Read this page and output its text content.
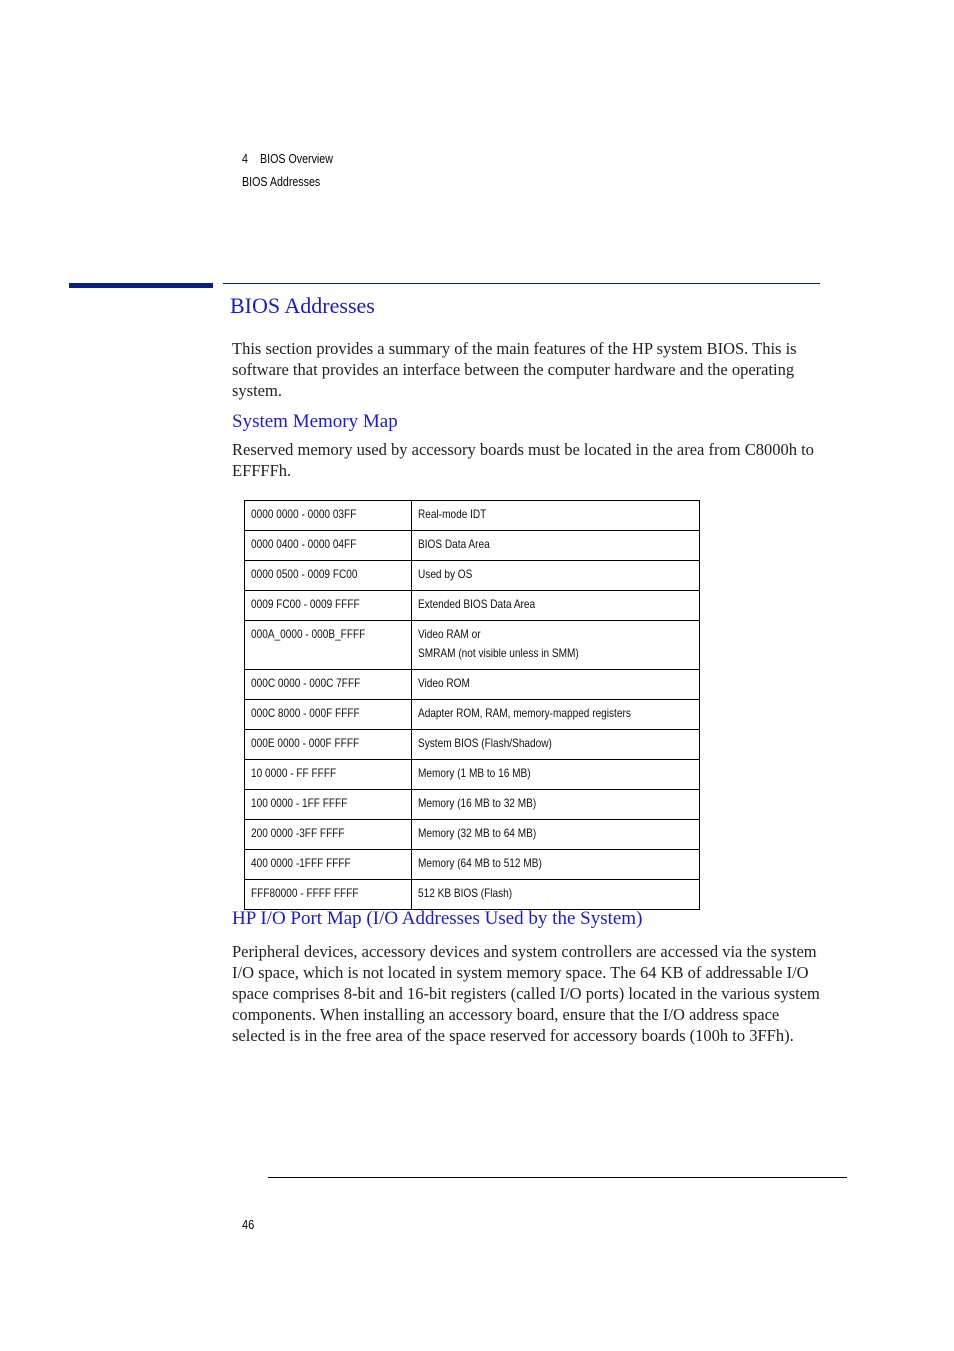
4 BIOS Overview
BIOS Addresses
BIOS Addresses

This section provides a summary of the main features of the HP system BIOS. This is software that provides an interface between the computer hardware and the operating system.

System Memory Map

Reserved memory used by accessory boards must be located in the area from C8000h to EFFFFh.

0000 0000 - 0000 03FF	Real-mode IDT
0000 0400 - 0000 04FF	BIOS Data Area
0000 0500 - 0009 FC00	Used by OS
0009 FC00 - 0009 FFFF	Extended BIOS Data Area
000A_0000 - 000B_FFFF	Video RAM or
SMRAM (not visible unless in SMM)
000C 0000 - 000C 7FFF	Video ROM
000C 8000 - 000F FFFF	Adapter ROM, RAM, memory-mapped registers
000E 0000 - 000F FFFF	System BIOS (Flash/Shadow)
10 0000 - FF FFFF	Memory (1 MB to 16 MB)
100 0000 - 1FF FFFF	Memory (16 MB to 32 MB)
200 0000 -3FF FFFF	Memory (32 MB to 64 MB)
400 0000 -1FFF FFFF	Memory (64 MB to 512 MB)
FFF80000 - FFFF FFFF	512 KB BIOS (Flash)
HP I/O Port Map (I/O Addresses Used by the System)

Peripheral devices, accessory devices and system controllers are accessed via the system I/O space, which is not located in system memory space. The 64 KB of addressable I/O space comprises 8-bit and 16-bit registers (called I/O ports) located in the various system components. When installing an accessory board, ensure that the I/O address space selected is in the free area of the space reserved for accessory boards (100h to 3FFh).

46
